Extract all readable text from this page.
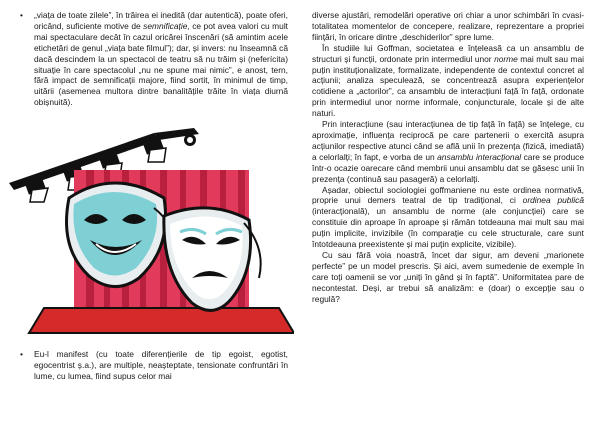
• „viața de toate zilele”, în trăirea ei inedită (dar autentică), poate oferi, oricând, suficiente motive de semnificație, ce pot avea valori cu mult mai spectaculare decât în cazul oricărei înscenări (să amintim acele etichetări de genul „viața bate filmul”); dar, și invers: nu înseamnă că dacă descindem la un spectacol de teatru să nu trăim și (neferícita) situație în care spectacolul „nu ne spune mai nimic”, e anost, tern, fără impact de semnificații majore, fiind sortit, în minimul de timp, uitării (asemenea multora dintre banalitățile trăite în viața diurnă obișnuită).

• Eu-l manifest (cu toate diferențierile de tip egoist, egotist, egocentrist ș.a.), are multiple, neașteptate, tensionate confruntări în lume, cu lumea, fiind supus celor mai

diverse ajustări, remodelări operative ori chiar a unor schimbări în cvasi-totalitatea momentelor de concepere, realizare, reprezentare a propriei ființări, în oricare dintre „deschiderilor” spre lume.

În studiile lui Goffman, societatea e înțeleasă ca un ansamblu de structuri și funcții, ordonate prin intermediul unor norme mai mult sau mai puțin instituționalizate, formalizate, independente de contextul concret al acțiunii; analiza speculează, se concentrează asupra experiențelor cotidiene a „actorilor”, ca ansamblu de interacțiuni față în față, ordonate prin intermediul unor norme informale, conjuncturale, locale și de alte naturi.

Prin interacțiune (sau interacțiunea de tip față în față) se înțelege, cu aproximație, influența reciprocă pe care partenerii o exercită asupra acțiunilor respective atunci când se află unii în prezența (fizică, imediată) a celorlalți; în fapt, e vorba de un ansamblu interacțional care se produce într-o ocazie oarecare când membrii unui ansamblu dat se găsesc unii în prezența (continuă sau pasageră) a celorlalți.

Așadar, obiectul sociologiei goffmaniene nu este ordinea normativă, proprie unui demers teatral de tip tradițional, ci ordinea publică (interacțională), un ansamblu de norme (ale conjuncției) care se constituie din aproape în aproape și rămân totdeauna mai mult sau mai puțin implicite, invizibile (în comparație cu cele structurale, care sunt întotdeauna preexistente și mai puțin explicite, vizibile).

Cu sau fără voia noastră, încet dar sigur, am deveni „marionete perfecte” pe un model prescris. Și aici, avem sumedenie de exemple în care toți oamenii se vor „uniți în gând și în faptă”. Uniformitatea pare de necontestat. Deși, ar trebui să analizăm: e (doar) o excepție sau o regulă?
